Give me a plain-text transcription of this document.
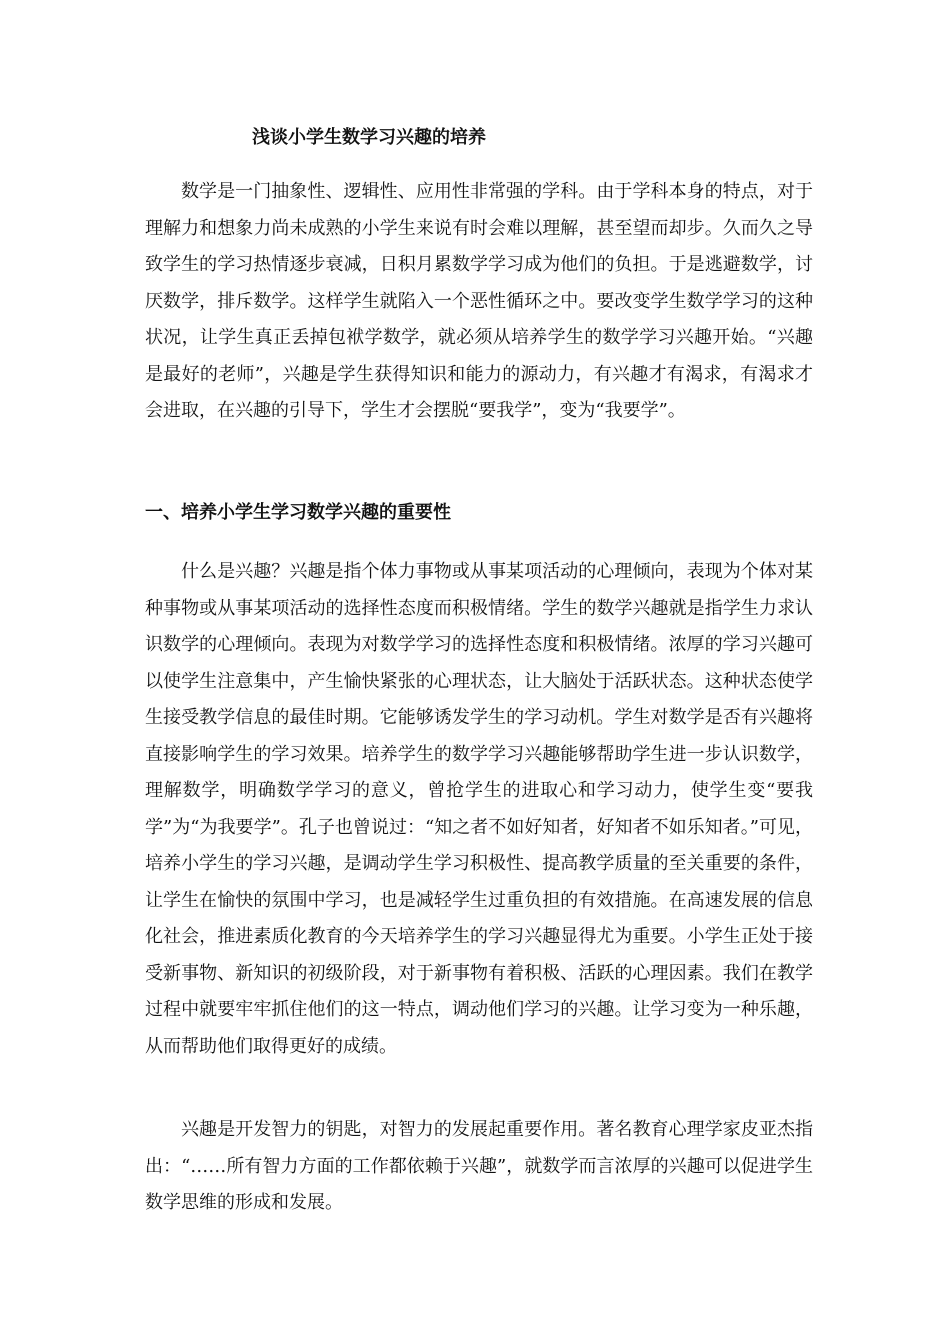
浅谈小学生数学习兴趣的培养

数学是一门抽象性、逻辑性、应用性非常强的学科。由于学科本身的特点，对于理解力和想象力尚未成熟的小学生来说有时会难以理解，甚至望而却步。久而久之导致学生的学习热情逐步衰减，日积月累数学学习成为他们的负担。于是逃避数学，讨厌数学，排斥数学。这样学生就陷入一个恶性循环之中。要改变学生数学学习的这种状况，让学生真正丢掉包袱学数学，就必须从培养学生的数学学习兴趣开始。“兴趣是最好的老师”，兴趣是学生获得知识和能力的源动力，有兴趣才有渴求，有渴求才会进取，在兴趣的引导下，学生才会摆脱“要我学”，变为“我要学”。

一、培养小学生学习数学兴趣的重要性

什么是兴趣？兴趣是指个体力事物或从事某项活动的心理倾向，表现为个体对某种事物或从事某项活动的选择性态度而积极情绪。学生的数学兴趣就是指学生力求认识数学的心理倾向。表现为对数学学习的选择性态度和积极情绪。浓厚的学习兴趣可以使学生注意集中，产生愉快紧张的心理状态，让大脑处于活跃状态。这种状态使学生接受教学信息的最佳时期。它能够诱发学生的学习动机。学生对数学是否有兴趣将直接影响学生的学习效果。培养学生的数学学习兴趣能够帮助学生进一步认识数学，理解数学，明确数学学习的意义，曾抢学生的进取心和学习动力，使学生变“要我学”为“为我要学”。孔子也曾说过：“知之者不如好知者，好知者不如乐知者。”可见，培养小学生的学习兴趣，是调动学生学习积极性、提高教学质量的至关重要的条件，让学生在愉快的氛围中学习，也是减轻学生过重负担的有效措施。在高速发展的信息化社会，推进素质化教育的今天培养学生的学习兴趣显得尤为重要。小学生正处于接受新事物、新知识的初级阶段，对于新事物有着积极、活跃的心理因素。我们在教学过程中就要牢牢抓住他们的这一特点，调动他们学习的兴趣。让学习变为一种乐趣，从而帮助他们取得更好的成绩。

兴趣是开发智力的钥匙，对智力的发展起重要作用。著名教育心理学家皮亚杰指出：“……所有智力方面的工作都依赖于兴趣”，就数学而言浓厚的兴趣可以促进学生数学思维的形成和发展。
